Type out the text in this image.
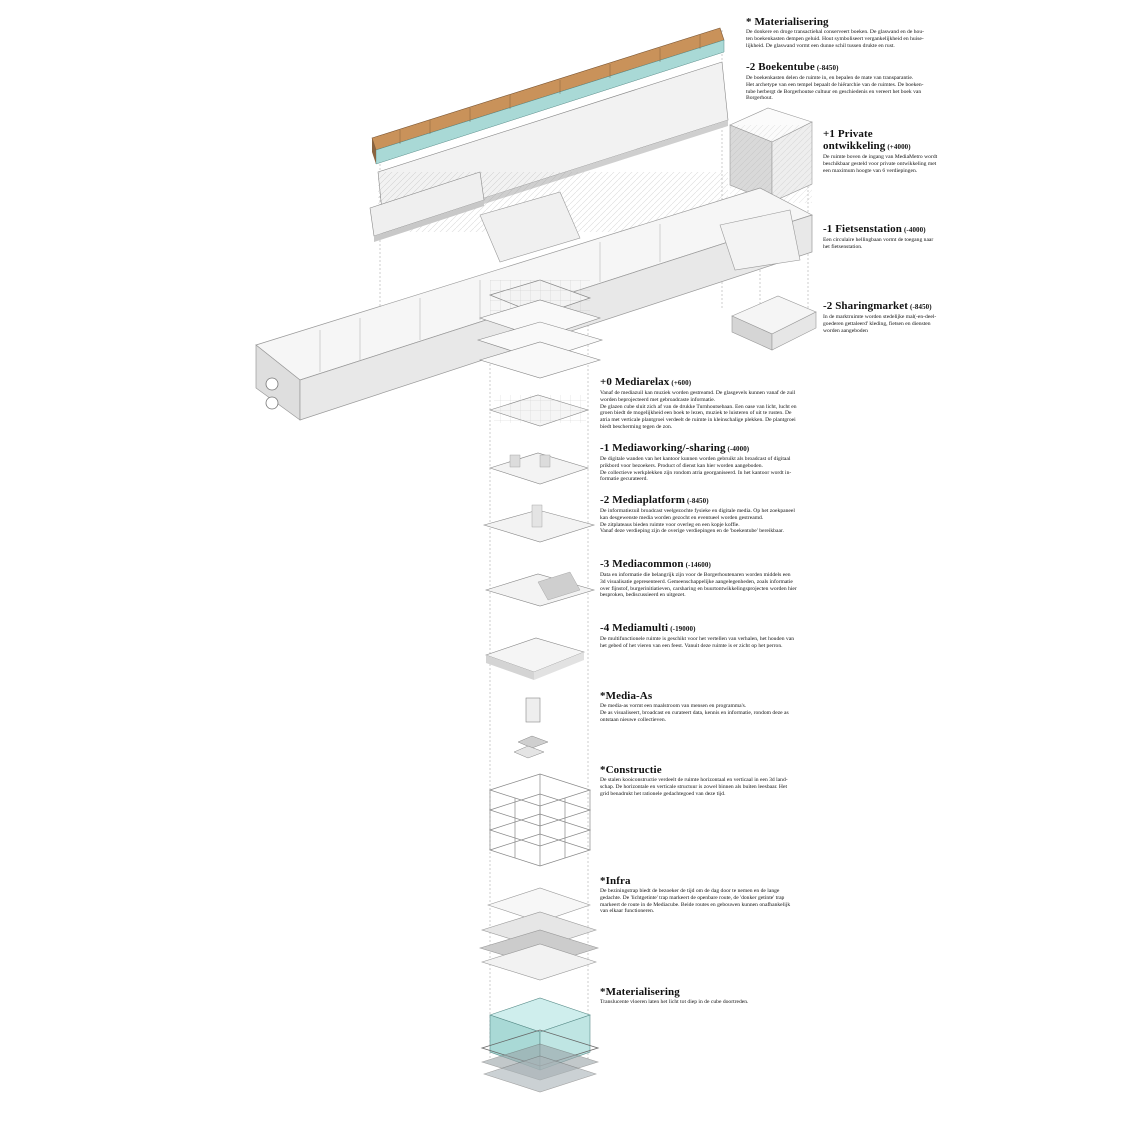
* Materialisering

De donkere en droge transactiehal conserveert boeken. De glaswand en de hou-
ten boekenkasten dempen geluid. Hout symboliseert vergankelijkheid en huise-
lijkheid. De glaswand vormt een dunne schil tussen drukte en rust.

-2 Boekentube (-8450)

De boekenkasten delen de ruimte in, en bepalen de mate van transparantie.
Het archetype van een tempel bepaalt de hiërarchie van de ruimtes. De boeken-
tube herbergt de Borgerhoutse cultuur en geschiedenis en vereert het boek van
Borgerhout.

+1 Private ontwikkeling (+4000)

De ruimte boven de ingang van MediaMetro wordt
beschikbaar gesteld voor private ontwikkeling met
een maximum hoogte van 6 verdiepingen.

-1 Fietsenstation (-4000)

Een circulaire hellingbaan vormt de toegang naar
het fietsenstation.

-2 Sharingmarket (-8450)

In de marktruimte worden stedelijke mal(-en-deel-
goederen gettaleerd' kleding, fietsen en diensten
worden aangeboden

+0 Mediarelax (+600)

Vanaf de mediazuil kan muziek worden gestreamd. De glasgevels kunnen vanaf de zuil
worden beprojecteerd met gebroadcaste informatie.
De glazen cube sluit zich af van de drukke Turnhoutsebaan. Een oase van licht, lucht en
groen biedt de mogelijkheid een boek te lezen, muziek te luisteren of uit te rusten. De
atria met verticale plantgroei verdeelt de ruimte in kleinschalige plekken. De plantgroei
biedt bescherming tegen de zon.

-1 Mediaworking/-sharing (-4000)

De digitale wanden van het kantoor kunnen worden gebruikt als broadcast of digitaal
prikbord voor bezoekers. Product of dienst kan hier worden aangeboden.
De collectieve werkplekken zijn rondom atria georganiseerd. In het kantoor wordt in-
formatie gecurateerd.

-2 Mediaplatform (-8450)

De informatiezuil broadcast veelgezochte fysieke en digitale media. Op het zoekpaneel
kan desgewenste media worden gezocht en eventueel worden gestreamd.
De zitplateaus bieden ruimte voor overleg en een kopje koffie.
Vanaf deze verdieping zijn de overige verdiepingen en de 'boekentube' bereikbaar.

-3 Mediacommon (-14600)

Data en informatie die belangrijk zijn voor de Borgerhoutenaren worden middels een
3d visualisatie gepresenteerd. Gemeenschappelijke aangelegenheden, zoals informatie
over fijnstof, burgerinitiatieven, carsharing en buurtontwikkelingsprojecten worden hier
besproken, bediscussieerd en uitgezet.

-4 Mediamulti (-19000)

De multifunctionele ruimte is geschikt voor het vertellen van verhalen, het houden van
het gebed of het vieren van een feest. Vanuit deze ruimte is er zicht op het perron.

*Media-As

De media-as vormt een maalstroom van mensen en programma's.
De as visualiseert, broadcast en curateert data, kennis en informatie, rondom deze as
ontstaan nieuwe collectieven.

*Constructie

De stalen kooiconstructie verdeelt de ruimte horizontaal en verticaal in een 3d land-
schap. De horizontale en verticale structuur is zowel binnen als buiten leesbaar. Het
grid benadrukt het rationele gedachtegoed van deze tijd.

*Infra

De beziningstrap biedt de bezoeker de tijd om de dag door te nemen en de lange
gedachte. De 'lichtgetinte' trap markeert de openbare route, de 'donker getinte' trap
markeert de route in de Mediacube. Beide routes en gebouwen kunnen onafhankelijk
van elkaar functioneren.

*Materialisering

Translucente vloeren laten het licht tot diep in de cube doortreden.
